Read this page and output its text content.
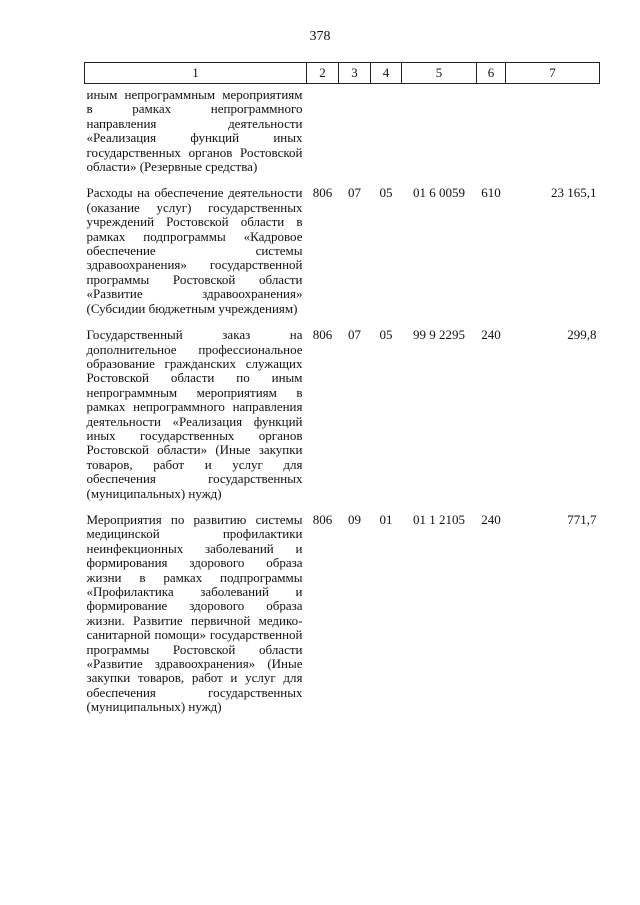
378
1	2	3	4	5	6	7
иным непрограммным мероприятиям в рамках непрограммного направления деятельности «Реализация функций иных государственных органов Ростовской области» (Резервные средства)						
Расходы на обеспечение деятельности (оказание услуг) государственных учреждений Ростовской области в рамках подпрограммы «Кадровое обеспечение системы здравоохранения» государственной программы Ростовской области «Развитие здравоохранения» (Субсидии бюджетным учреждениям)	806	07	05	01 6 0059	610	23 165,1
Государственный заказ на дополнительное профессиональное образование гражданских служащих Ростовской области по иным непрограммным мероприятиям в рамках непрограммного направления деятельности «Реализация функций иных государственных органов Ростовской области» (Иные закупки товаров, работ и услуг для обеспечения государственных (муниципальных) нужд)	806	07	05	99 9 2295	240	299,8
Мероприятия по развитию системы медицинской профилактики неинфекционных заболеваний и формирования здорового образа жизни в рамках подпрограммы «Профилактика заболеваний и формирование здорового образа жизни. Развитие первичной медико-санитарной помощи» государственной программы Ростовской области «Развитие здравоохранения» (Иные закупки товаров, работ и услуг для обеспечения государственных (муниципальных) нужд)	806	09	01	01 1 2105	240	771,7
